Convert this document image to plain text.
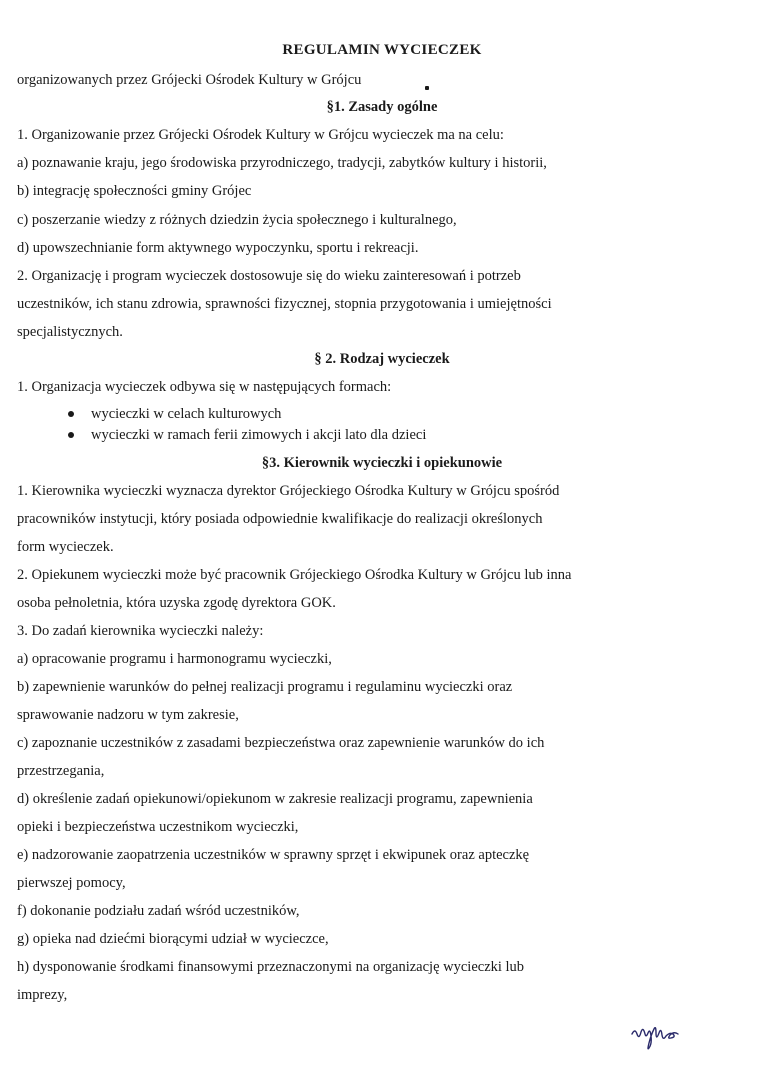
REGULAMIN WYCIECZEK
organizowanych przez Grójecki Ośrodek Kultury w Grójcu
§1. Zasady ogólne
1. Organizowanie przez Grójecki Ośrodek Kultury w Grójcu wycieczek ma na celu:
a) poznawanie kraju, jego środowiska przyrodniczego, tradycji, zabytków kultury i historii,
b) integrację społeczności gminy Grójec
c) poszerzanie wiedzy z różnych dziedzin życia społecznego i kulturalnego,
d) upowszechnianie form aktywnego wypoczynku, sportu i rekreacji.
2. Organizację i program wycieczek dostosowuje się do wieku zainteresowań i potrzeb
uczestników, ich stanu zdrowia, sprawności fizycznej, stopnia przygotowania i umiejętności
specjalistycznych.
§ 2. Rodzaj wycieczek
1. Organizacja wycieczek odbywa się w następujących formach:
wycieczki w celach kulturowych
wycieczki w ramach ferii zimowych i akcji lato dla dzieci
§3. Kierownik wycieczki i opiekunowie
1. Kierownika wycieczki wyznacza dyrektor Grójeckiego Ośrodka Kultury w Grójcu spośród
pracowników instytucji, który posiada odpowiednie kwalifikacje do realizacji określonych
form wycieczek.
2. Opiekunem wycieczki może być pracownik Grójeckiego Ośrodka Kultury w Grójcu lub inna
osoba pełnoletnia, która uzyska zgodę dyrektora GOK.
3. Do zadań kierownika wycieczki należy:
a) opracowanie programu i harmonogramu wycieczki,
b) zapewnienie warunków do pełnej realizacji programu i regulaminu wycieczki oraz
sprawowanie nadzoru w tym zakresie,
c) zapoznanie uczestników z zasadami bezpieczeństwa oraz zapewnienie warunków do ich
przestrzegania,
d) określenie zadań opiekunowi/opiekunom w zakresie realizacji programu, zapewnienia
opieki i bezpieczeństwa uczestnikom wycieczki,
e) nadzorowanie zaopatrzenia uczestników w sprawny sprzęt i ekwipunek oraz apteczkę
pierwszej pomocy,
f) dokonanie podziału zadań wśród uczestników,
g) opieka nad dziećmi biorącymi udział w wycieczce,
h) dysponowanie środkami finansowymi przeznaczonymi na organizację wycieczki lub
imprezy,
